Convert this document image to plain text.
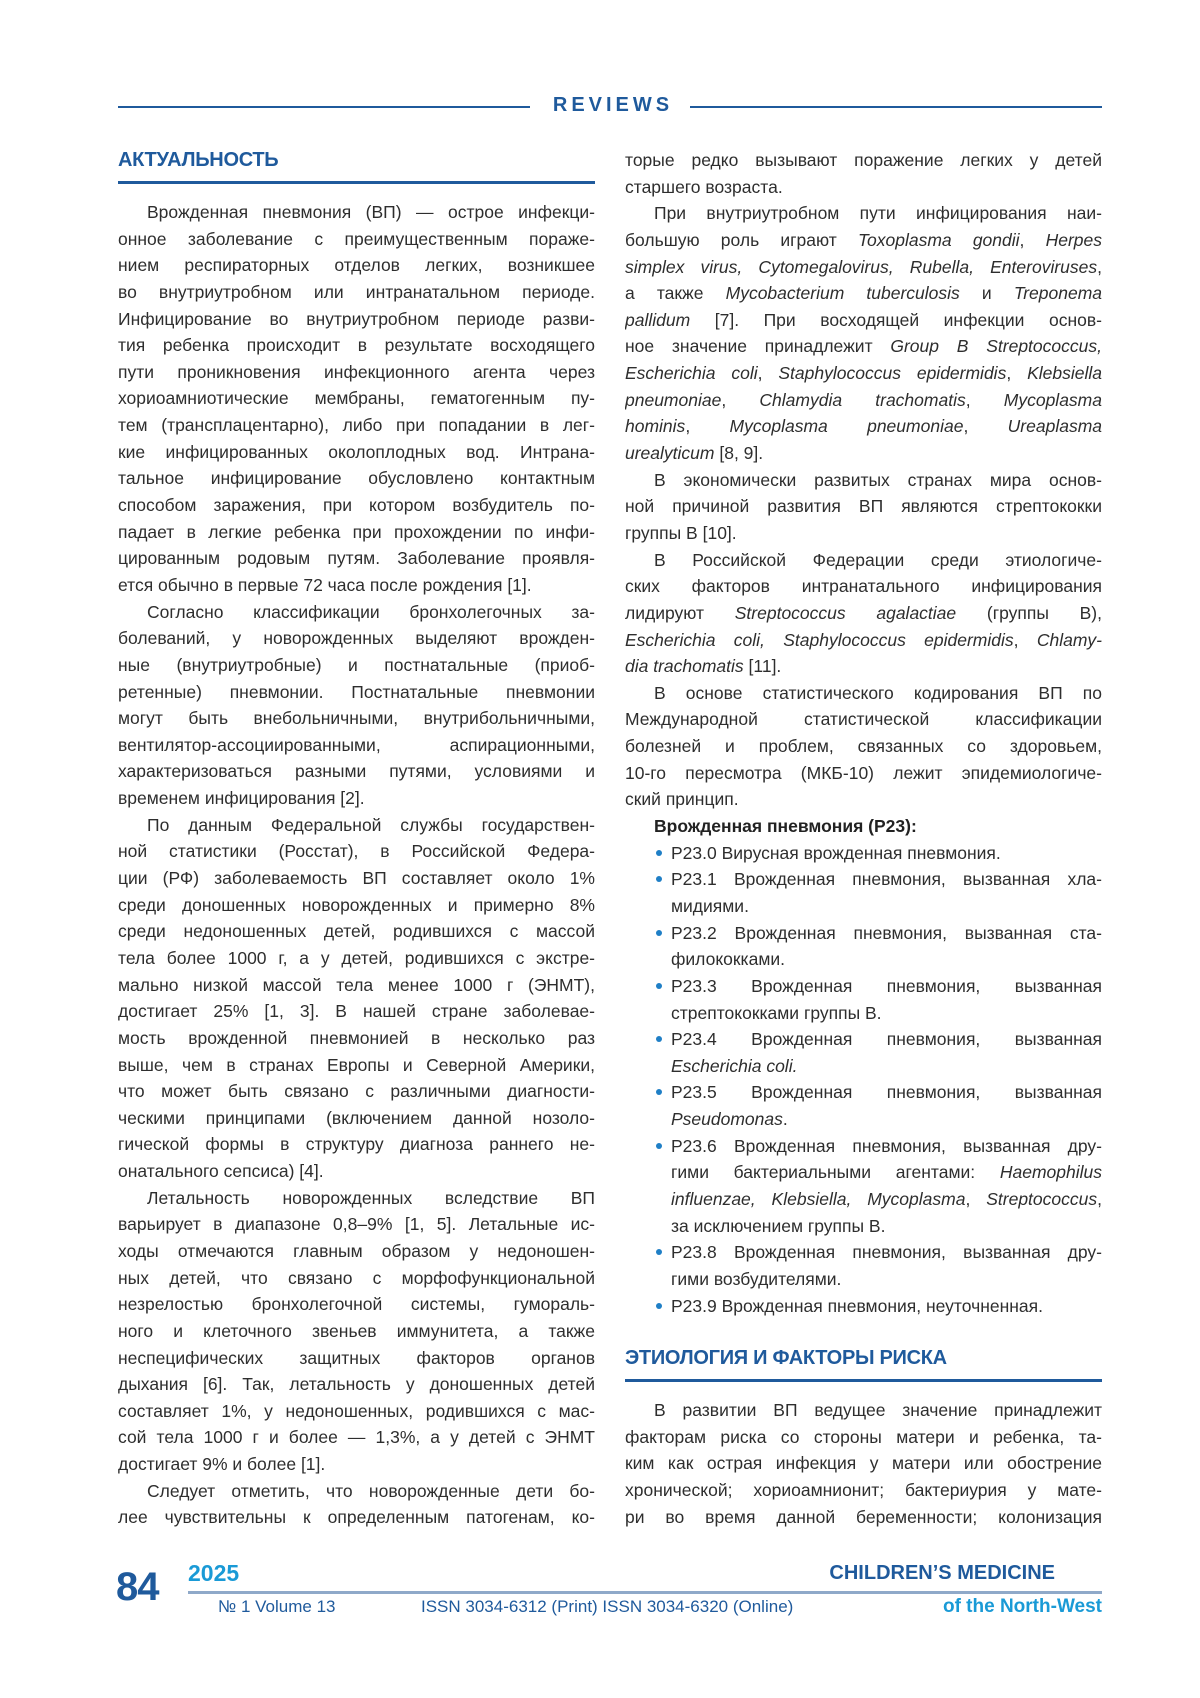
REVIEWS
АКТУАЛЬНОСТЬ
Врожденная пневмония (ВП) — острое инфекци-
онное заболевание с преимущественным пораже-
нием респираторных отделов легких, возникшее
во внутриутробном или интранатальном периоде.
Инфицирование во внутриутробном периоде разви-
тия ребенка происходит в результате восходящего
пути проникновения инфекционного агента через
хориоамниотические мембраны, гематогенным пу-
тем (трансплацентарно), либо при попадании в лег-
кие инфицированных околоплодных вод. Интрана-
тальное инфицирование обусловлено контактным
способом заражения, при котором возбудитель по-
падает в легкие ребенка при прохождении по инфи-
цированным родовым путям. Заболевание проявля-
ется обычно в первые 72 часа после рождения [1].
Согласно классификации бронхолегочных за-
болеваний, у новорожденных выделяют врожден-
ные (внутриутробные) и постнатальные (приоб-
ретенные) пневмонии. Постнатальные пневмонии
могут быть внебольничными, внутрибольничными,
вентилятор-ассоциированными, аспирационными,
характеризоваться разными путями, условиями и
временем инфицирования [2].
По данным Федеральной службы государствен-
ной статистики (Росстат), в Российской Федера-
ции (РФ) заболеваемость ВП составляет около 1%
среди доношенных новорожденных и примерно 8%
среди недоношенных детей, родившихся с массой
тела более 1000 г, а у детей, родившихся с экстре-
мально низкой массой тела менее 1000 г (ЭНМТ),
достигает 25% [1, 3]. В нашей стране заболевае-
мость врожденной пневмонией в несколько раз
выше, чем в странах Европы и Северной Америки,
что может быть связано с различными диагности-
ческими принципами (включением данной нозоло-
гической формы в структуру диагноза раннего не-
онатального сепсиса) [4].
Летальность новорожденных вследствие ВП
варьирует в диапазоне 0,8–9% [1, 5]. Летальные ис-
ходы отмечаются главным образом у недоношен-
ных детей, что связано с морфофункциональной
незрелостью бронхолегочной системы, гумораль-
ного и клеточного звеньев иммунитета, а также
неспецифических защитных факторов органов
дыхания [6]. Так, летальность у доношенных детей
составляет 1%, у недоношенных, родившихся с мас-
сой тела 1000 г и более — 1,3%, а у детей с ЭНМТ
достигает 9% и более [1].
Следует отметить, что новорожденные дети бо-
лее чувствительны к определенным патогенам, ко-
торые редко вызывают поражение легких у детей
старшего возраста.
При внутриутробном пути инфицирования наи-
большую роль играют Toxoplasma gondii, Herpes
simplex virus, Cytomegalovirus, Rubella, Enteroviruses,
а также Mycobacterium tuberculosis и Treponema
pallidum [7]. При восходящей инфекции основ-
ное значение принадлежит Group B Streptococcus,
Escherichia coli, Staphylococcus epidermidis, Klebsiella
pneumoniae, Chlamydia trachomatis, Mycoplasma
hominis, Mycoplasma pneumoniae, Ureaplasma
urealyticum [8, 9].
В экономически развитых странах мира основ-
ной причиной развития ВП являются стрептококки
группы В [10].
В Российской Федерации среди этиологиче-
ских факторов интранатального инфицирования
лидируют Streptococcus agalactiae (группы В),
Escherichia coli, Staphylococcus epidermidis, Chlamy-
dia trachomatis [11].
В основе статистического кодирования ВП по
Международной статистической классификации
болезней и проблем, связанных со здоровьем,
10-го пересмотра (МКБ-10) лежит эпидемиологиче-
ский принцип.
Врожденная пневмония (P23):
P23.0 Вирусная врожденная пневмония.
P23.1 Врожденная пневмония, вызванная хла-
мидиями.
P23.2 Врожденная пневмония, вызванная ста-
филококками.
P23.3 Врожденная пневмония, вызванная
стрептококками группы В.
P23.4 Врожденная пневмония, вызванная
Escherichia coli.
P23.5 Врожденная пневмония, вызванная
Pseudomonas.
P23.6 Врожденная пневмония, вызванная дру-
гими бактериальными агентами: Haemophilus
influenzae, Klebsiella, Mycoplasma, Streptococcus,
за исключением группы В.
P23.8 Врожденная пневмония, вызванная дру-
гими возбудителями.
P23.9 Врожденная пневмония, неуточненная.
ЭТИОЛОГИЯ И ФАКТОРЫ РИСКА
В развитии ВП ведущее значение принадлежит
факторам риска со стороны матери и ребенка, та-
ким как острая инфекция у матери или обострение
хронической; хориоамнионит; бактериурия у мате-
ри во время данной беременности; колонизация
84 2025
№ 1 Volume 13	ISSN 3034-6312 (Print) ISSN 3034-6320 (Online)
CHILDREN’S MEDICINE
of the North-West
